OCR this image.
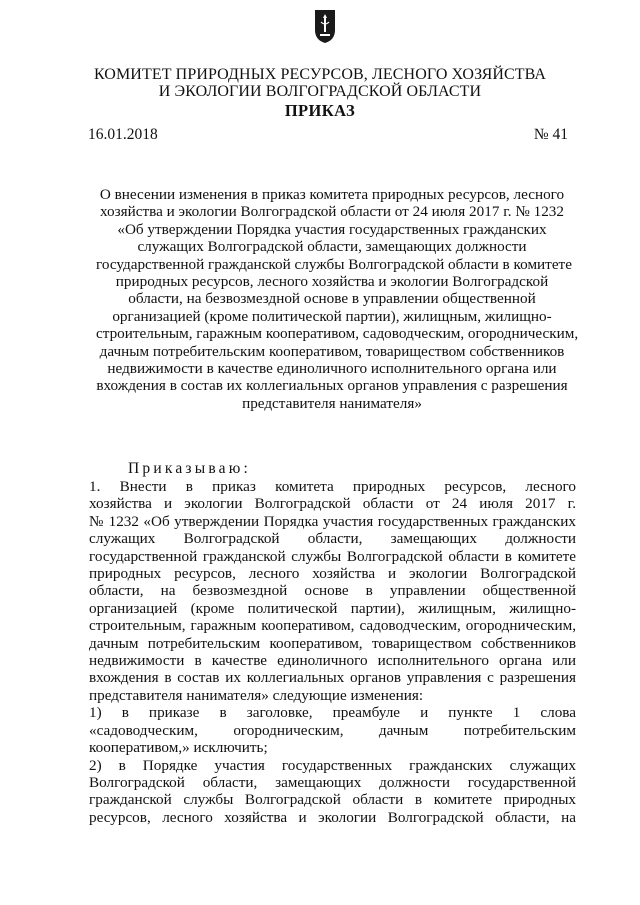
КОМИТЕТ ПРИРОДНЫХ РЕСУРСОВ, ЛЕСНОГО ХОЗЯЙСТВА
И ЭКОЛОГИИ ВОЛГОГРАДСКОЙ ОБЛАСТИ
ПРИКАЗ
16.01.2018	№ 41
О внесении изменения в приказ комитета природных ресурсов, лесного
хозяйства и экологии Волгоградской области от 24 июля 2017 г. № 1232
«Об утверждении Порядка участия государственных гражданских
служащих Волгоградской области, замещающих должности
государственной гражданской службы Волгоградской области в комитете
природных ресурсов, лесного хозяйства и экологии Волгоградской
области, на безвозмездной основе в управлении общественной
организацией (кроме политической партии), жилищным, жилищно-
строительным, гаражным кооперативом, садоводческим, огородническим,
дачным потребительским кооперативом, товариществом собственников
недвижимости в качестве единоличного исполнительного органа или
вхождения в состав их коллегиальных органов управления с разрешения
представителя нанимателя»
Приказываю:
1. Внести в приказ комитета природных ресурсов, лесного
хозяйства и экологии Волгоградской области от 24 июля 2017 г.
№ 1232 «Об утверждении Порядка участия государственных гражданских
служащих Волгоградской области, замещающих должности
государственной гражданской службы Волгоградской области в комитете
природных ресурсов, лесного хозяйства и экологии Волгоградской
области, на безвозмездной основе в управлении общественной
организацией (кроме политической партии), жилищным, жилищно-
строительным, гаражным кооперативом, садоводческим, огородническим,
дачным потребительским кооперативом, товариществом собственников
недвижимости в качестве единоличного исполнительного органа или
вхождения в состав их коллегиальных органов управления с разрешения
представителя нанимателя» следующие изменения:
1) в приказе в заголовке, преамбуле и пункте 1 слова
«садоводческим, огородническим, дачным потребительским
кооперативом,» исключить;
2) в Порядке участия государственных гражданских служащих
Волгоградской области, замещающих должности государственной
гражданской службы Волгоградской области в комитете природных
ресурсов, лесного хозяйства и экологии Волгоградской области, на
